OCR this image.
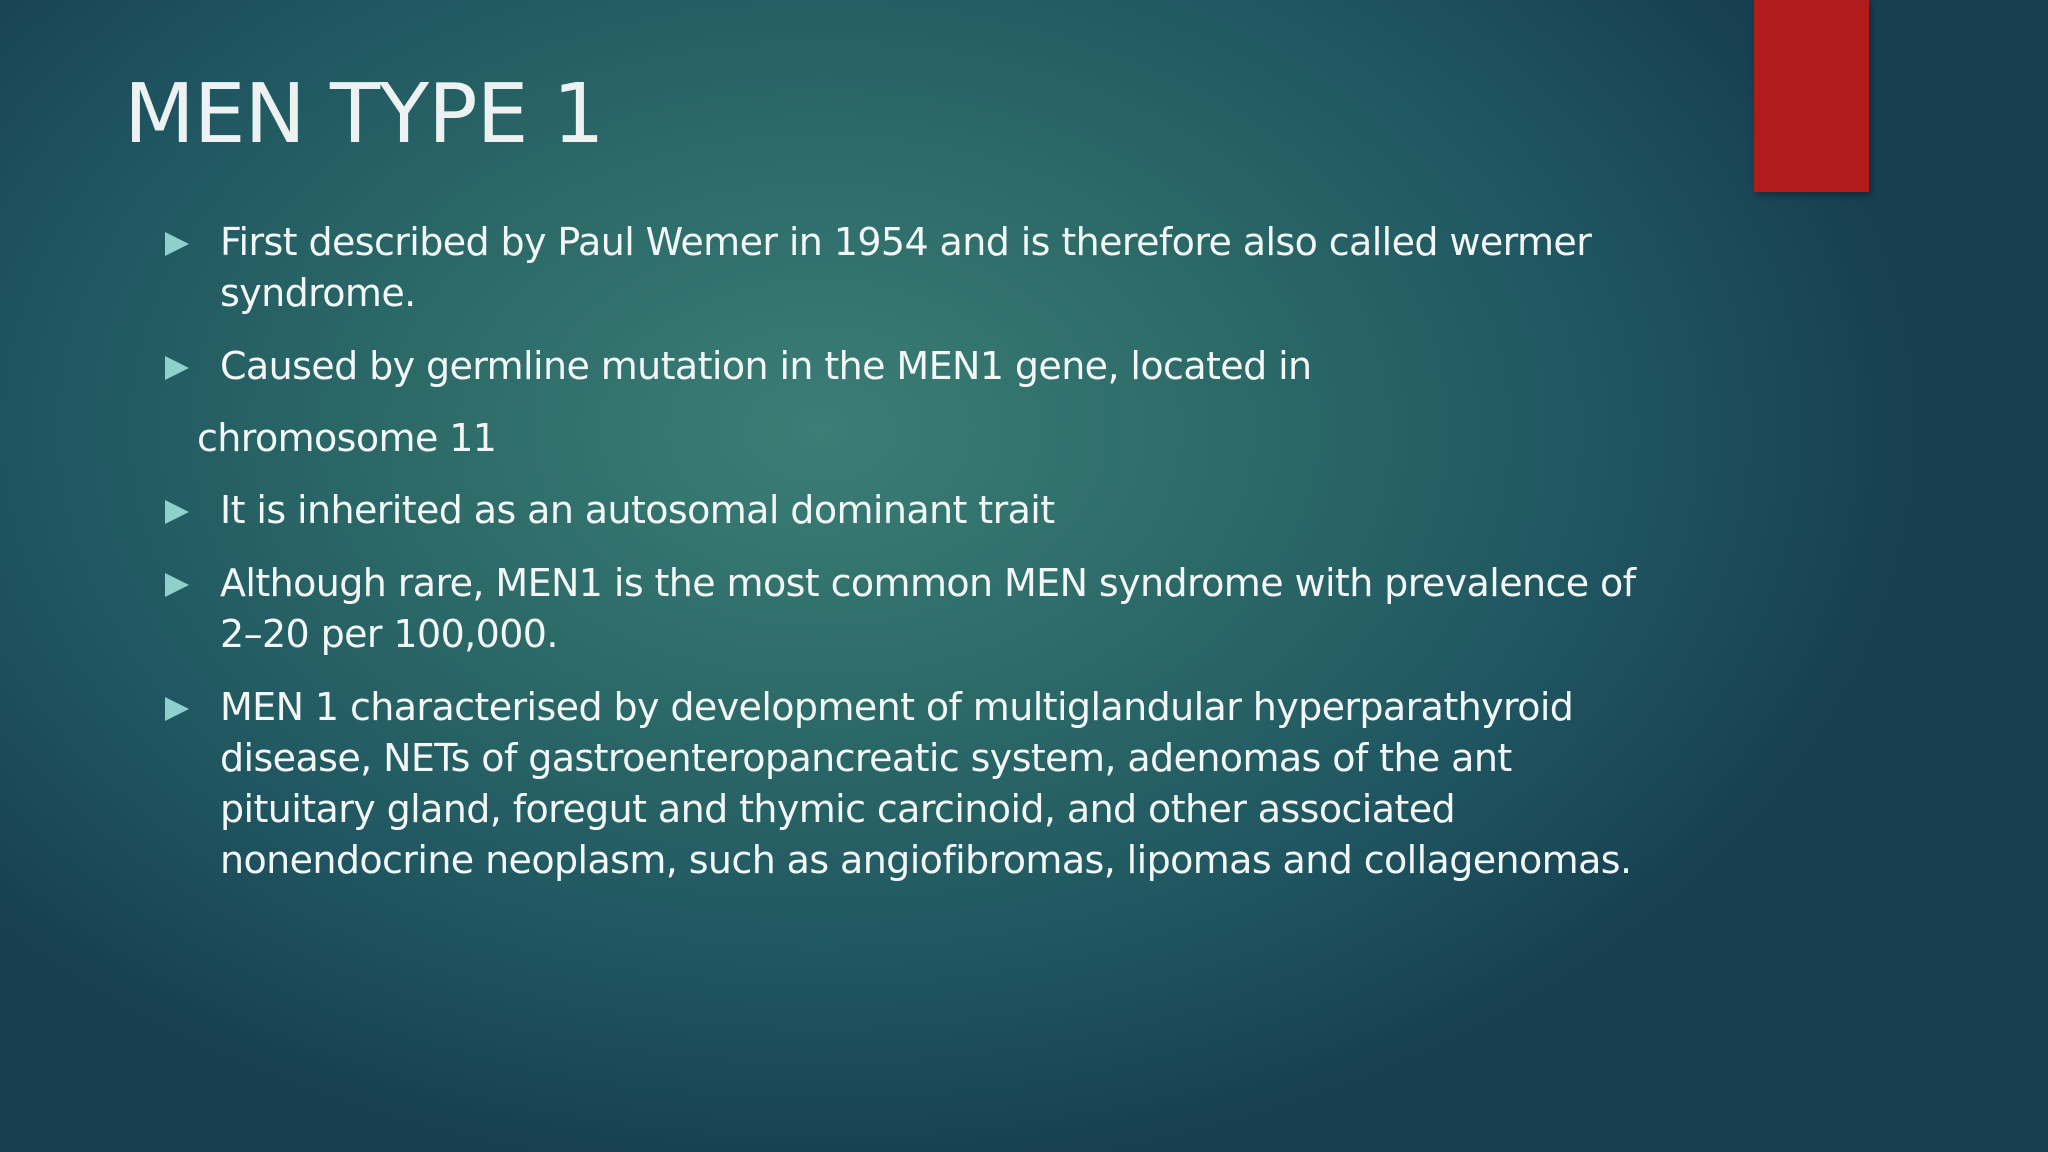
MEN TYPE 1
First described by Paul Wemer in 1954 and is therefore also called wermer syndrome.
Caused by germline mutation in the MEN1 gene, located in
chromosome 11
It is inherited as an autosomal dominant trait
Although rare, MEN1 is the most common MEN syndrome with prevalence of 2–20 per 100,000.
MEN 1 characterised by development of multiglandular hyperparathyroid disease, NETs of gastroenteropancreatic system, adenomas of the ant pituitary gland, foregut and thymic carcinoid, and other associated nonendocrine neoplasm, such as angiofibromas, lipomas and collagenomas.
